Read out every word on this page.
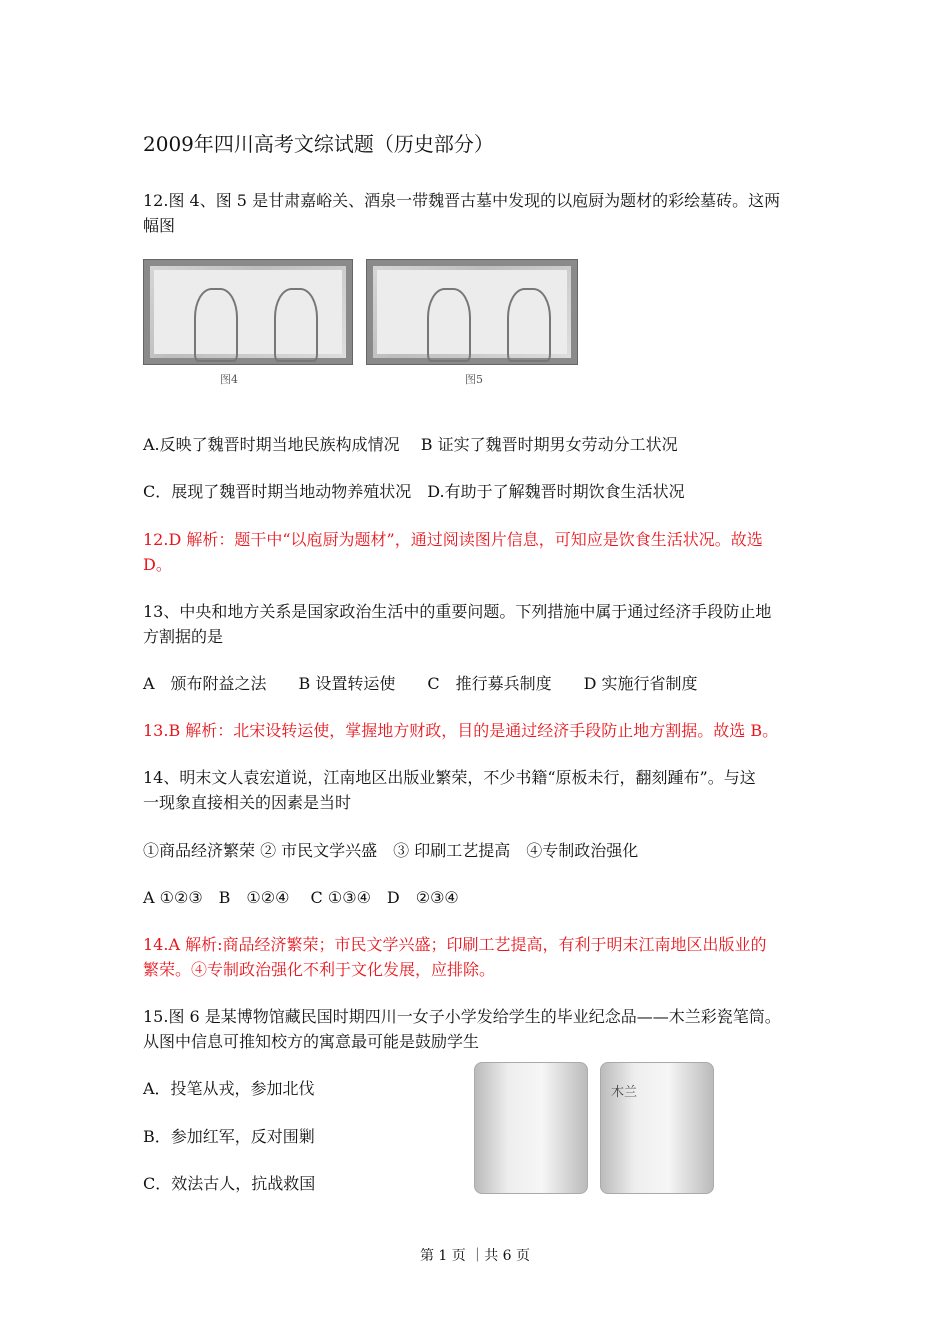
2009年四川高考文综试题（历史部分）
12.图 4、图 5 是甘肃嘉峪关、酒泉一带魏晋古墓中发现的以庖厨为题材的彩绘墓砖。这两
幅图
图4	图5
A.反映了魏晋时期当地民族构成情况　 B 证实了魏晋时期男女劳动分工状况
C．展现了魏晋时期当地动物养殖状况　D.有助于了解魏晋时期饮食生活状况
12.D 解析：题干中“以庖厨为题材”，通过阅读图片信息，可知应是饮食生活状况。故选
D。
13、中央和地方关系是国家政治生活中的重要问题。下列措施中属于通过经济手段防止地
方割据的是
A　颁布附益之法　　B 设置转运使　　C　推行募兵制度　　D 实施行省制度
13.B 解析：北宋设转运使，掌握地方财政，目的是通过经济手段防止地方割据。故选 B。
14、明末文人袁宏道说，江南地区出版业繁荣，不少书籍“原板未行，翻刻踵布”。与这
一现象直接相关的因素是当时
①商品经济繁荣 ② 市民文学兴盛　③ 印刷工艺提高　④专制政治强化
A ①②③　B　①②④　 C ①③④　D　②③④
14.A 解析:商品经济繁荣；市民文学兴盛；印刷工艺提高，有利于明末江南地区出版业的
繁荣。④专制政治强化不利于文化发展，应排除。
15.图 6 是某博物馆藏民国时期四川一女子小学发给学生的毕业纪念品——木兰彩瓷笔筒。
从图中信息可推知校方的寓意最可能是鼓励学生
A．投笔从戎，参加北伐
B．参加红军，反对围剿
C．效法古人，抗战救国
木兰
第 1 页 ｜共 6 页
